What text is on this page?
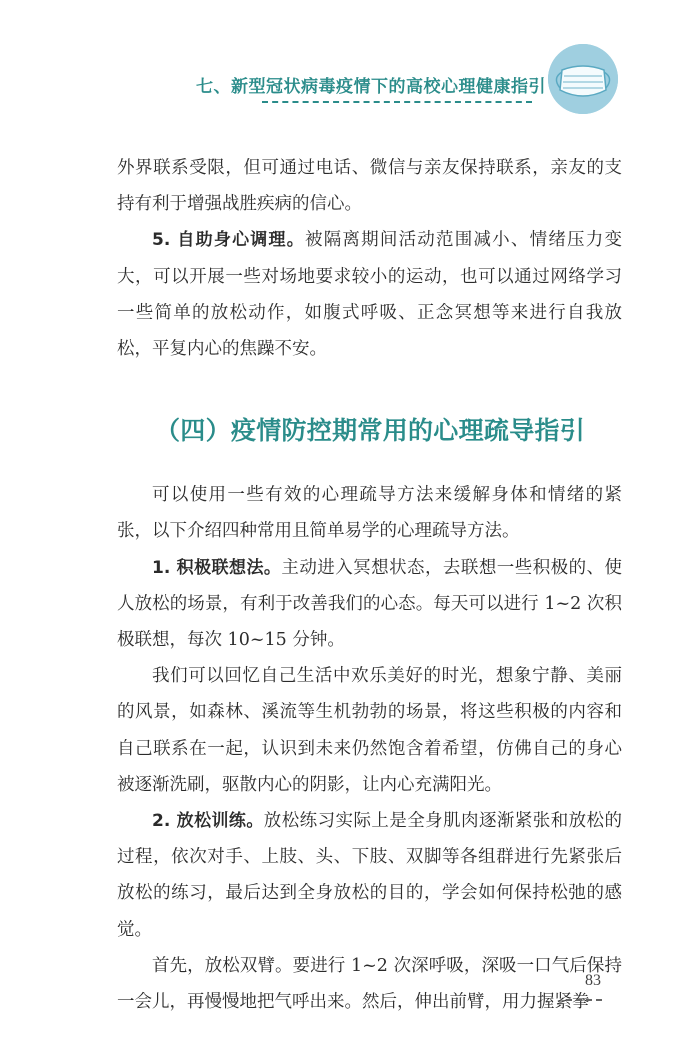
七、新型冠状病毒疫情下的高校心理健康指引

外界联系受限，但可通过电话、微信与亲友保持联系，亲友的支持有利于增强战胜疾病的信心。

5. 自助身心调理。被隔离期间活动范围减小、情绪压力变大，可以开展一些对场地要求较小的运动，也可以通过网络学习一些简单的放松动作，如腹式呼吸、正念冥想等来进行自我放松，平复内心的焦躁不安。

（四）疫情防控期常用的心理疏导指引

可以使用一些有效的心理疏导方法来缓解身体和情绪的紧张，以下介绍四种常用且简单易学的心理疏导方法。

1. 积极联想法。主动进入冥想状态，去联想一些积极的、使人放松的场景，有利于改善我们的心态。每天可以进行 1~2 次积极联想，每次 10~15 分钟。

我们可以回忆自己生活中欢乐美好的时光，想象宁静、美丽的风景，如森林、溪流等生机勃勃的场景，将这些积极的内容和自己联系在一起，认识到未来仍然饱含着希望，仿佛自己的身心被逐渐洗刷，驱散内心的阴影，让内心充满阳光。

2. 放松训练。放松练习实际上是全身肌肉逐渐紧张和放松的过程，依次对手、上肢、头、下肢、双脚等各组群进行先紧张后放松的练习，最后达到全身放松的目的，学会如何保持松弛的感觉。

首先，放松双臂。要进行 1~2 次深呼吸，深吸一口气后保持一会儿，再慢慢地把气呼出来。然后，伸出前臂，用力握紧拳

83
